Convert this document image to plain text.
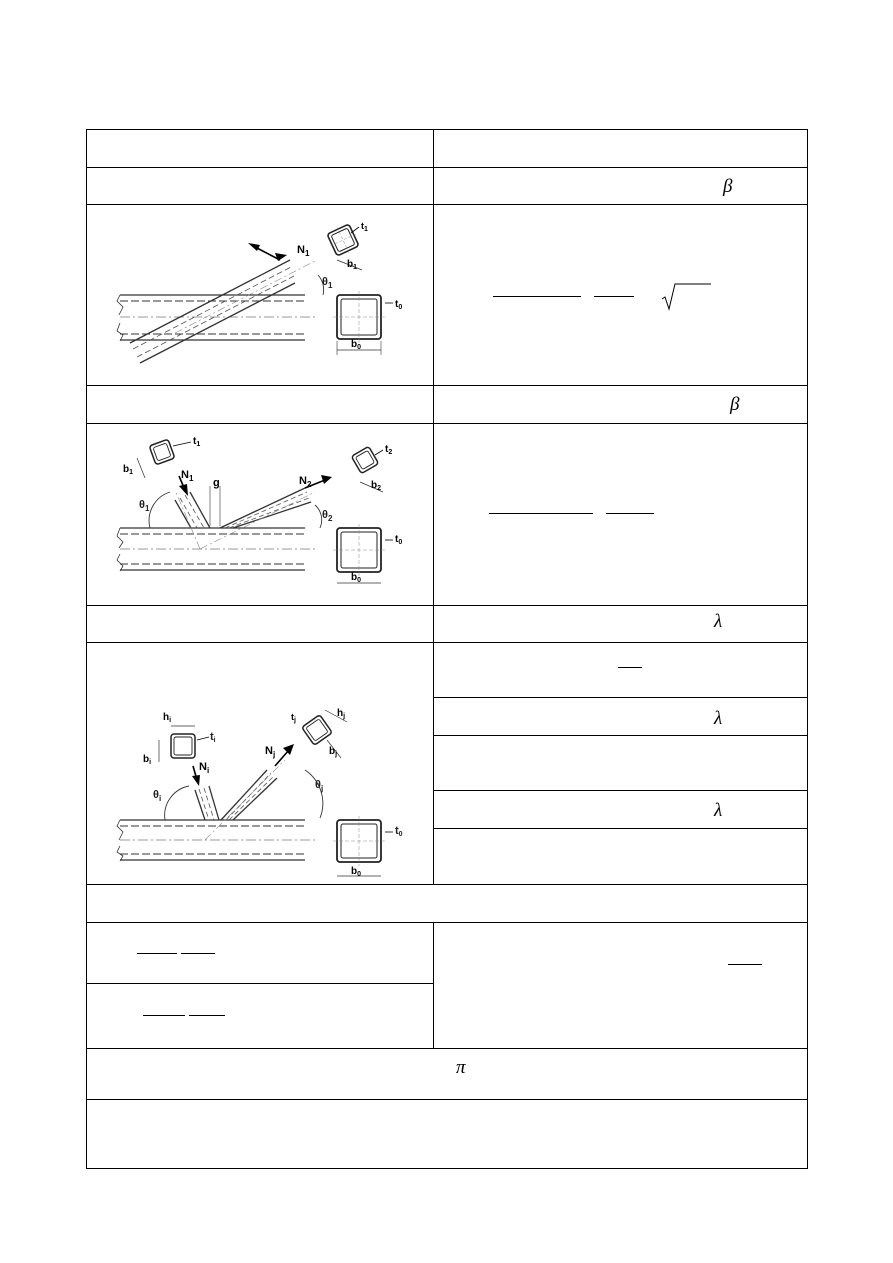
β
β
λ
λ
λ
π
$N_1$
$\theta_1$
$t_1$
$b_1$
$b_0$
$t_0$
$N_1$ g	$N_2$
$\theta_1$
$\theta_2$
$t_1$
$b_1$
$t_2$
$b_2$
$b_0$
$t_0$
$N_i$
$N_j$
$\theta_i$
$\theta_j$
$h_i$
ti
$b_i$
$t_j$
$h_j$
$b_j$
$b_0$
t0
